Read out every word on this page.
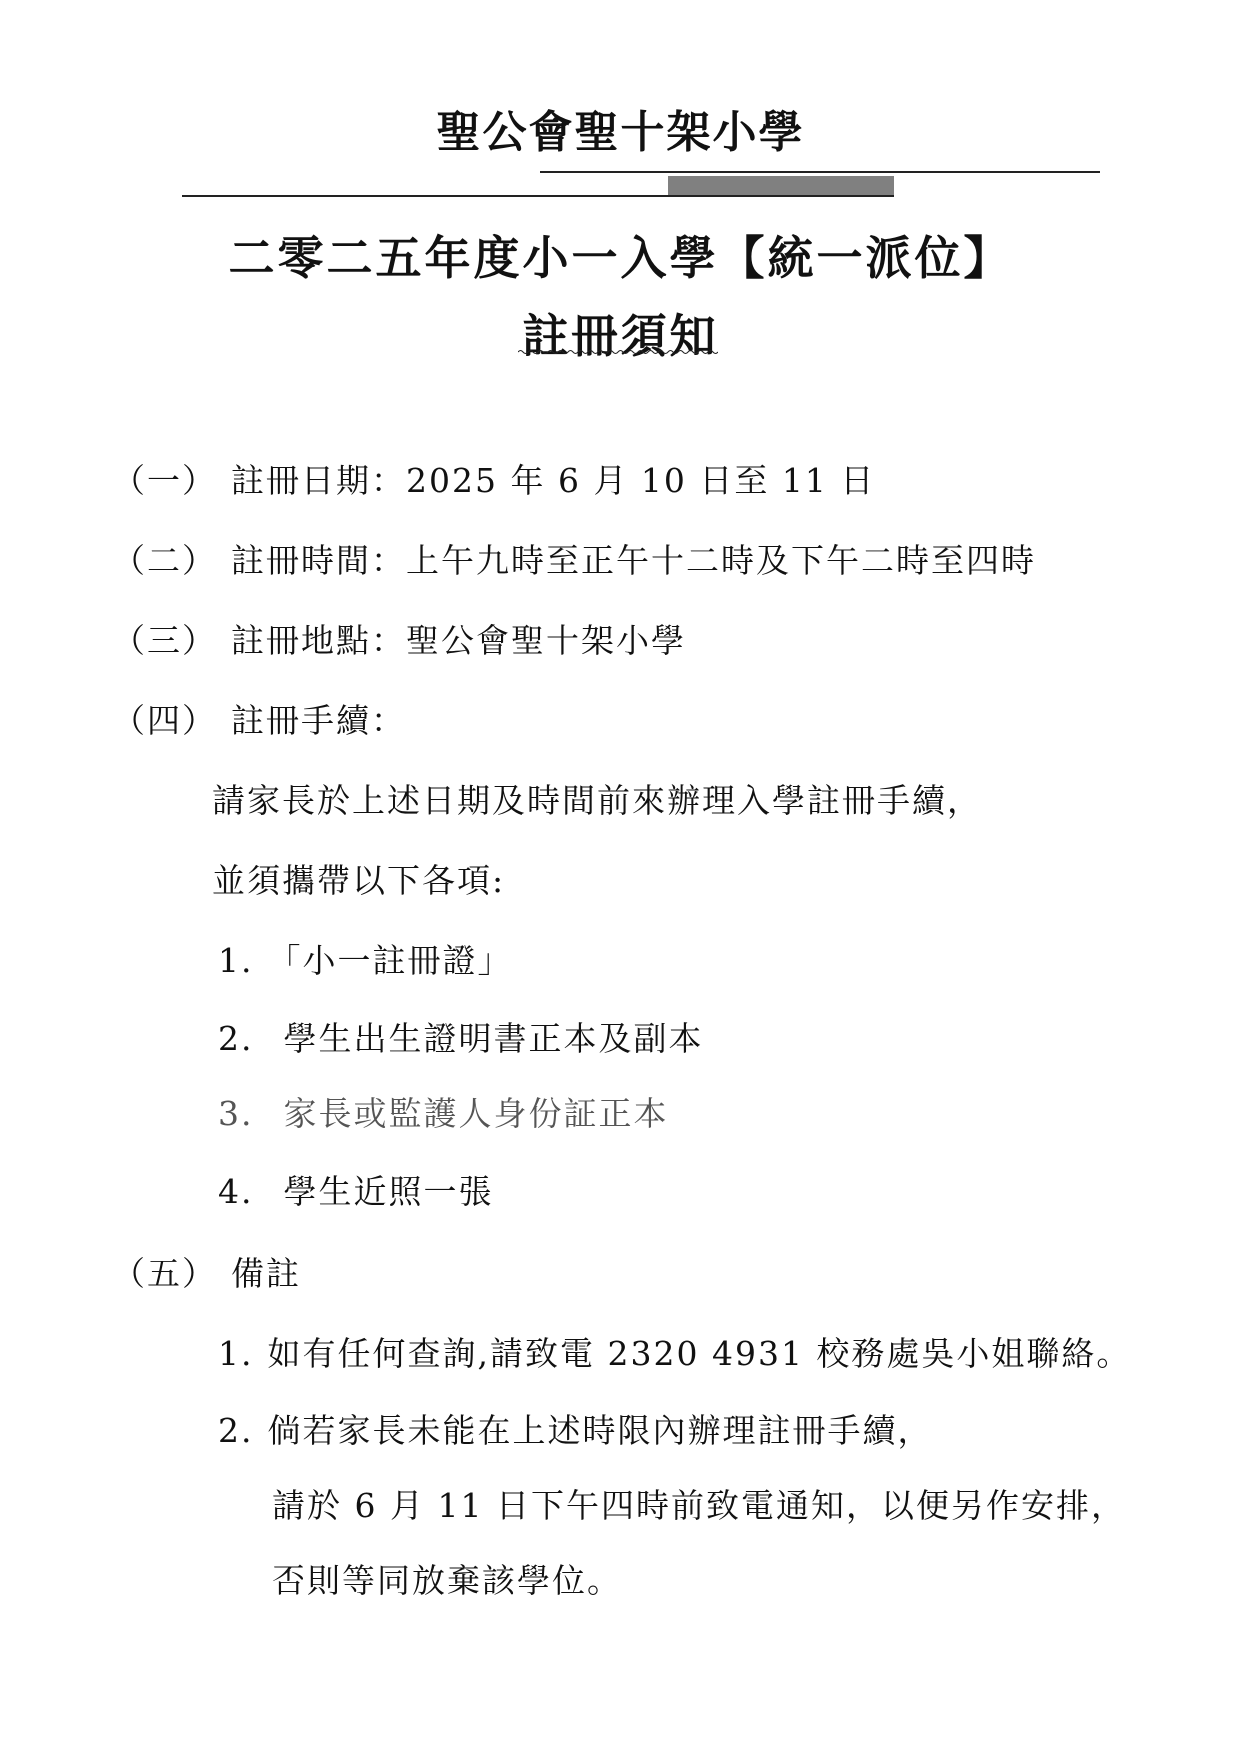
聖公會聖十架小學
二零二五年度小一入學【統一派位】
註冊須知
（一） 註冊日期：2025 年 6 月 10 日至 11 日
（二） 註冊時間：上午九時至正午十二時及下午二時至四時
（三） 註冊地點：聖公會聖十架小學
（四） 註冊手續：
請家長於上述日期及時間前來辦理入學註冊手續，
並須攜帶以下各項:
1. 「小一註冊證」
2. 學生出生證明書正本及副本
3. 家長或監護人身份証正本
4. 學生近照一張
（五） 備註
1. 如有任何查詢,請致電 2320 4931 校務處吳小姐聯絡。
2. 倘若家長未能在上述時限內辦理註冊手續，
請於 6 月 11 日下午四時前致電通知，以便另作安排，
否則等同放棄該學位。
